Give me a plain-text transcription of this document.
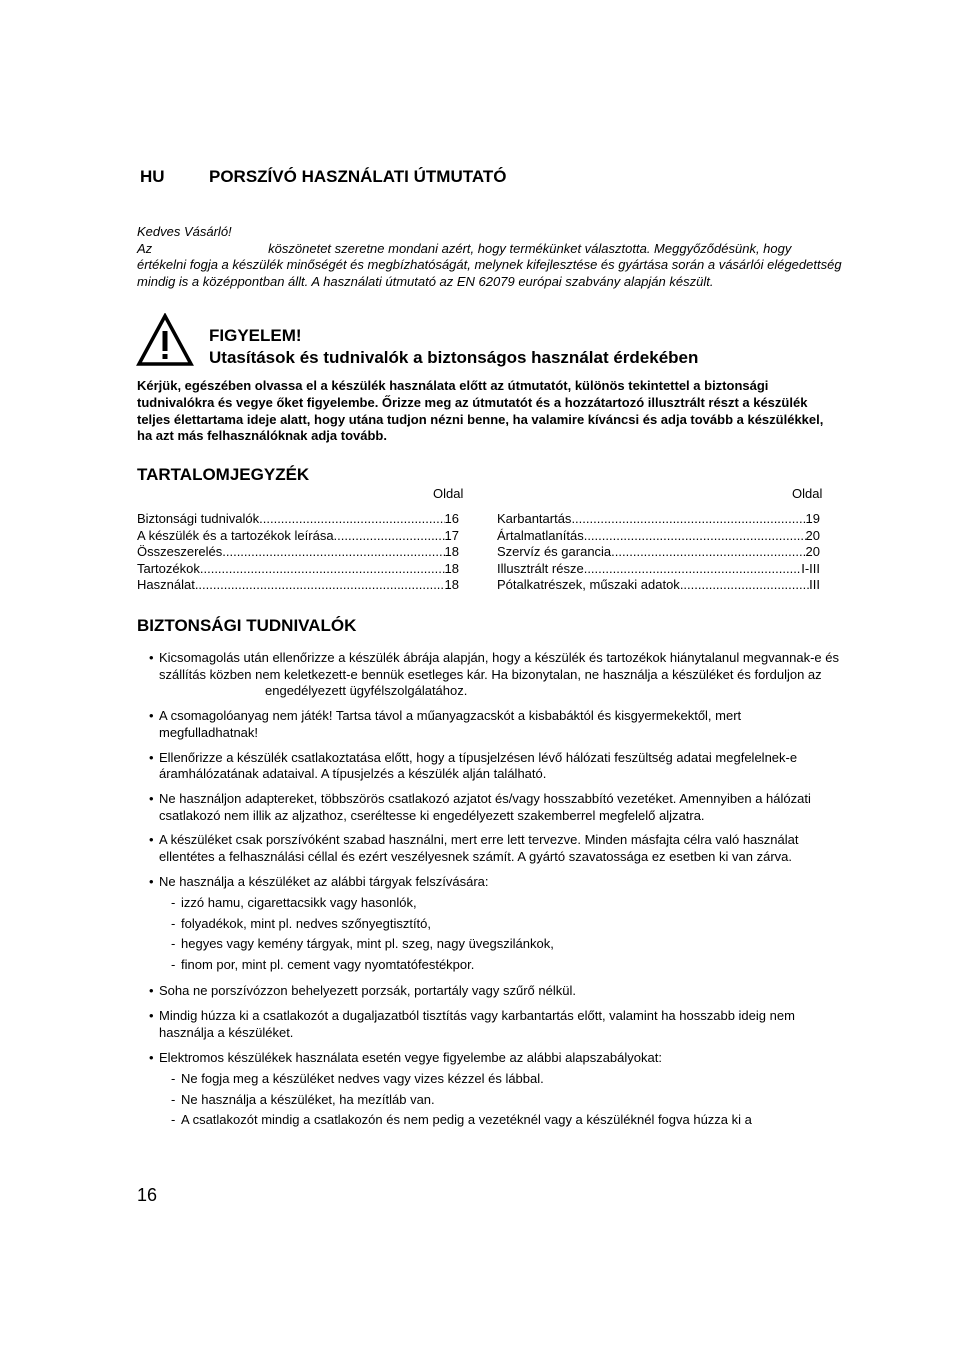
HU	PORSZÍVÓ HASZNÁLATI ÚTMUTATÓ
Kedves Vásárló!
Az	köszönetet szeretne mondani azért, hogy termékünket választotta. Meggyőződésünk, hogy értékelni fogja a készülék minőségét és megbízhatóságát, melynek kifejlesztése és gyártása során a vásárlói elégedettség mindig is a középpontban állt. A használati útmutató az EN 62079 európai szabvány alapján készült.
FIGYELEM!
Utasítások és tudnivalók a biztonságos használat érdekében
Kérjük, egészében olvassa el a készülék használata előtt az útmutatót, különös tekintettel a biztonsági tudnivalókra és vegye őket figyelembe. Őrizze meg az útmutatót és a hozzátartozó illusztrált részt a készülék teljes élettartama ideje alatt, hogy utána tudjon nézni benne, ha valamire kíváncsi és adja tovább a készülékkel, ha azt más felhasználóknak adja tovább.
TARTALOMJEGYZÉK
Oldal	Oldal
Biztonsági tudnivalók .....	16
A készülék és a tartozékok leírása .....	17
Összeszerelés .....	18
Tartozékok .....	18
Használat .....	18
Karbantartás .....	19
Ártalmatlanítás .....	20
Szervíz és garancia .....	20
Illusztrált része .....	I-III
Pótalkatrészek, műszaki adatok .....	III
BIZTONSÁGI TUDNIVALÓK
• Kicsomagolás után ellenőrizze a készülék ábrája alapján, hogy a készülék és tartozékok hiánytalanul megvannak-e és szállítás közben nem keletkezett-e bennük esetleges kár. Ha bizonytalan, ne használja a készüléket és forduljon azengedélyezett ügyfélszolgálatához.
• A csomagolóanyag nem játék! Tartsa távol a műanyagzacskót a kisbabáktól és kisgyermekektől, mert megfulladhatnak!
• Ellenőrizze a készülék csatlakoztatása előtt, hogy a típusjelzésen lévő hálózati feszültség adatai megfelelnek-e áramhálózatának adataival. A típusjelzés a készülék alján található.
• Ne használjon adaptereket, többszörös csatlakozó azjatot és/vagy hosszabbító vezetéket. Amennyiben a hálózati csatlakozó nem illik az aljzathoz, cseréltesse ki engedélyezett szakemberrel megfelelő aljzatra.
• A készüléket csak porszívóként szabad használni, mert erre lett tervezve. Minden másfajta célra való használat ellentétes a felhasználási céllal és ezért veszélyesnek számít. A gyártó szavatossága ez esetben ki van zárva.
• Ne használja a készüléket az alábbi tárgyak felszívására:
- izzó hamu, cigarettacsikk vagy hasonlók,
- folyadékok, mint pl. nedves szőnyegtisztító,
- hegyes vagy kemény tárgyak, mint pl. szeg, nagy üvegszilánkok,
- finom por, mint pl. cement vagy nyomtatófestékpor.
• Soha ne porszívózzon behelyezett porzsák, portartály vagy szűrő nélkül.
• Mindig húzza ki a csatlakozót a dugaljazatból tisztítás vagy karbantartás előtt, valamint ha hosszabb ideig nem használja a készüléket.
• Elektromos készülékek használata esetén vegye figyelembe az alábbi alapszabályokat:
- Ne fogja meg a készüléket nedves vagy vizes kézzel és lábbal.
- Ne használja a készüléket, ha mezítláb van.
- A csatlakozót mindig a csatlakozón és nem pedig a vezetéknél vagy a készüléknél fogva húzza ki a
16
